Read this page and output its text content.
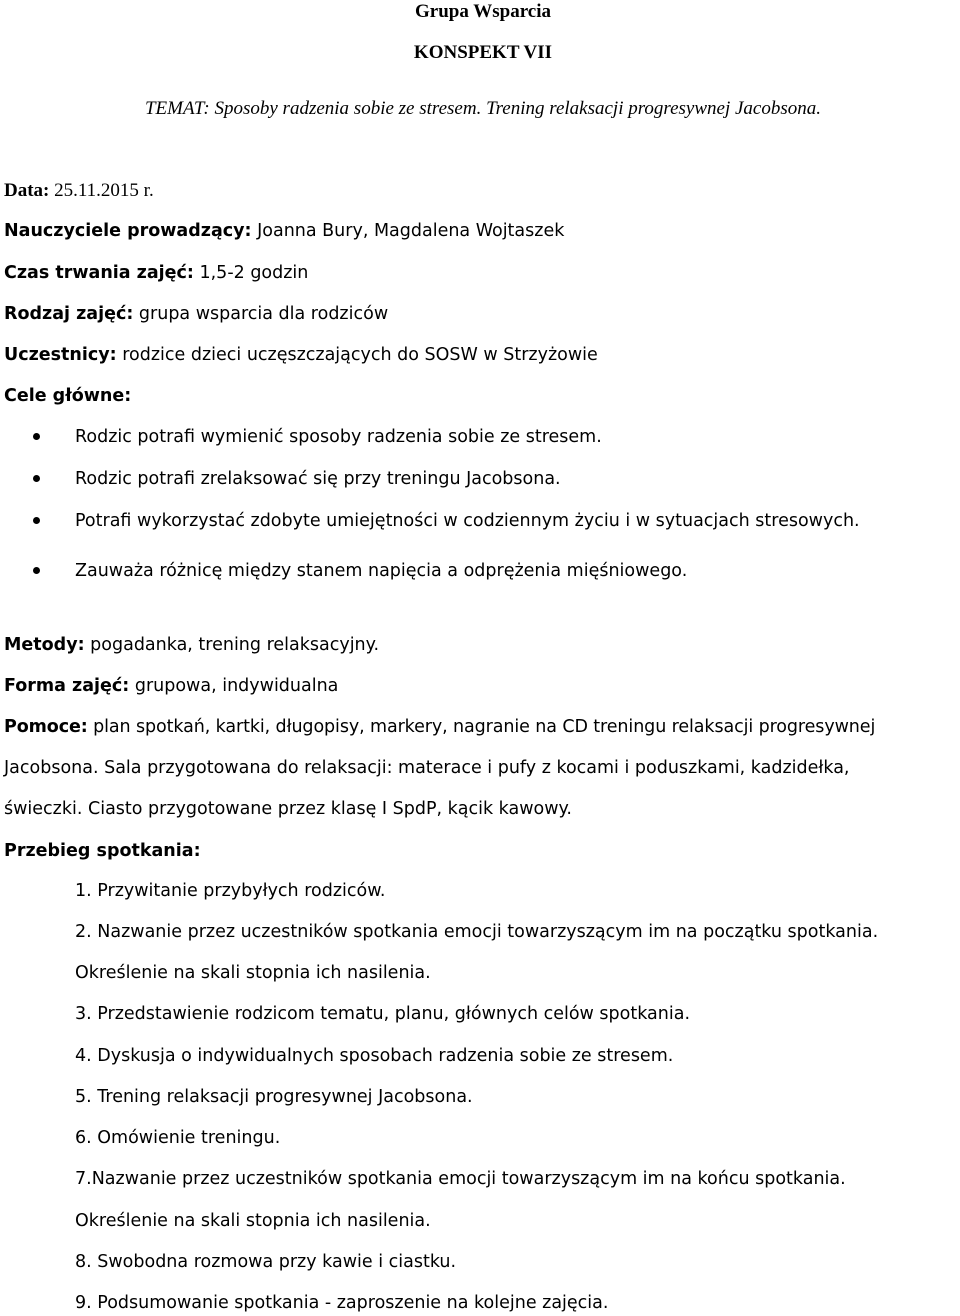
Grupa Wsparcia
KONSPEKT VII
TEMAT: Sposoby radzenia sobie ze stresem. Trening relaksacji progresywnej Jacobsona.
Data: 25.11.2015 r.
Nauczyciele prowadzący: Joanna Bury, Magdalena Wojtaszek
Czas trwania zajęć: 1,5-2 godzin
Rodzaj zajęć: grupa wsparcia dla rodziców
Uczestnicy: rodzice dzieci uczęszczających do SOSW w Strzyżowie
Cele główne:
Rodzic potrafi wymienić sposoby radzenia sobie ze stresem.
Rodzic potrafi zrelaksować się przy treningu Jacobsona.
Potrafi wykorzystać zdobyte umiejętności w codziennym życiu i w sytuacjach stresowych.
Zauważa różnicę między stanem napięcia a odprężenia mięśniowego.
Metody: pogadanka, trening relaksacyjny.
Forma zajęć: grupowa, indywidualna
Pomoce: plan spotkań, kartki, długopisy, markery, nagranie na CD treningu relaksacji progresywnej
Jacobsona. Sala przygotowana do relaksacji: materace i pufy z kocami i poduszkami, kadzidełka,
świeczki. Ciasto przygotowane przez klasę I SpdP, kącik kawowy.
Przebieg spotkania:
1. Przywitanie przybyłych rodziców.
2. Nazwanie przez uczestników spotkania emocji towarzyszącym im na początku spotkania.
Określenie na skali stopnia ich nasilenia.
3. Przedstawienie rodzicom tematu, planu, głównych celów spotkania.
4. Dyskusja o indywidualnych sposobach radzenia sobie ze stresem.
5. Trening relaksacji progresywnej Jacobsona.
6. Omówienie treningu.
7.Nazwanie przez uczestników spotkania emocji towarzyszącym im na końcu spotkania.
Określenie na skali stopnia ich nasilenia.
8. Swobodna rozmowa przy kawie i ciastku.
9. Podsumowanie spotkania - zaproszenie na kolejne zajęcia.
